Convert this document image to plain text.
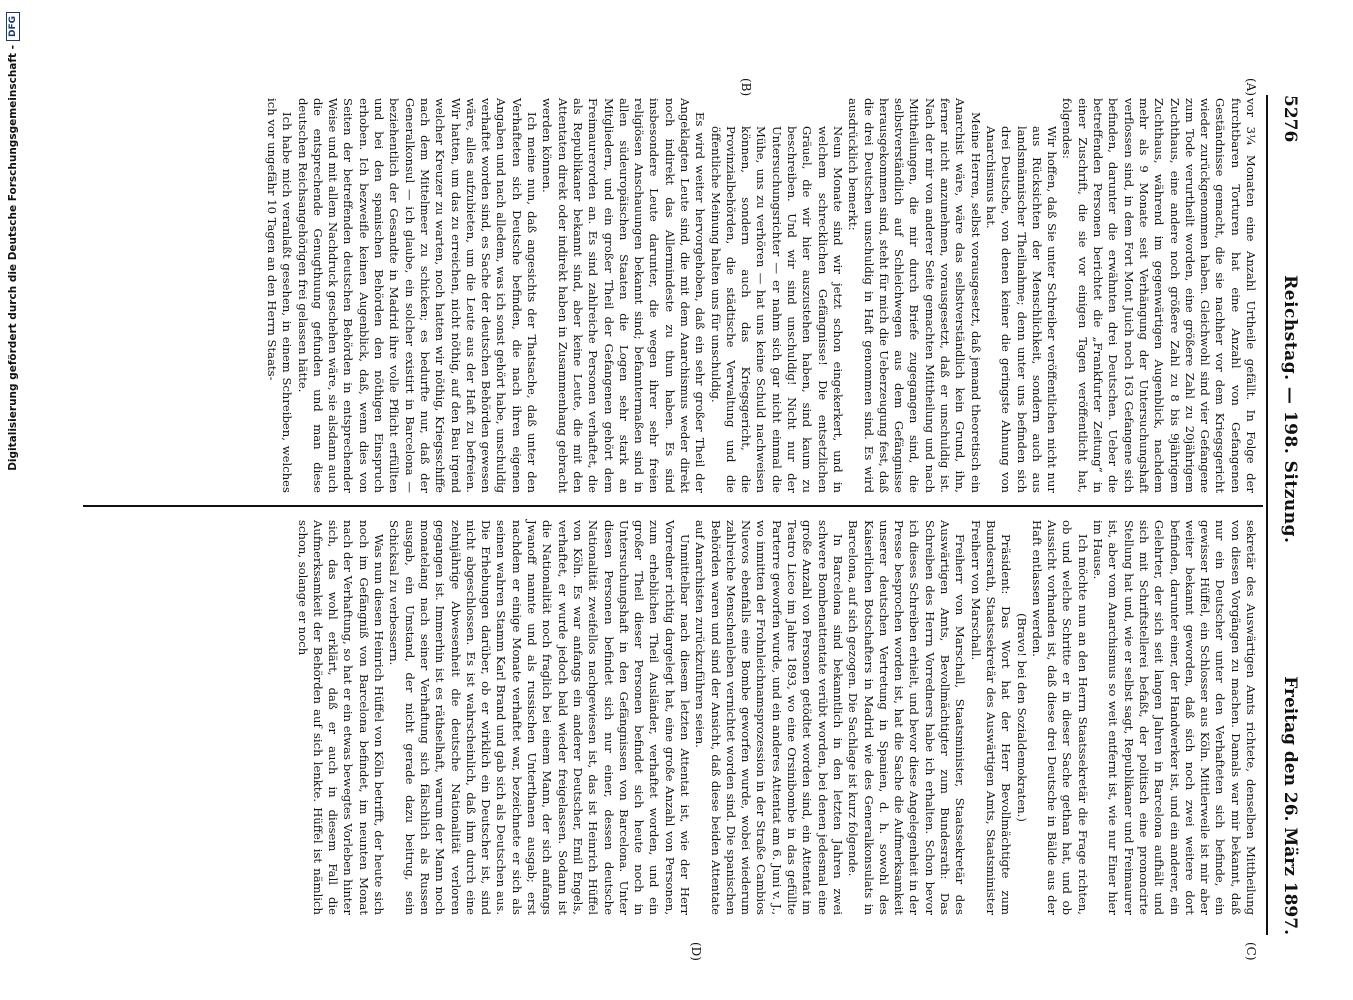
5276
Reichstag. — 198. Sitzung.
Freitag den 26. März 1897.
(A)
(B)
(C)
(D)

vor 3¼ Monaten eine Anzahl Urtheile gefällt. In Folge der furchtbaren Torturen hat eine Anzahl von Gefangenen Geständnisse gemacht, die sie nachher vor dem Kriegsgericht wieder zurückgenommen haben. Gleichwohl sind vier Gefangene zum Tode verurtheilt worden, eine größere Zahl zu 20jährigem Zuchthaus, eine andere noch größere Zahl zu 8 bis 9jährigem Zuchthaus, während im gegenwärtigen Augenblick, nachdem mehr als 9 Monate seit Verhängung der Untersuchungshaft verflossen sind, in dem Fort Mont Juich noch 163 Gefangene sich befinden, darunter die erwähnten drei Deutschen. Ueber die betreffenden Personen berichtet die „Frankfurter Zeitung“ in einer Zuschrift, die sie vor einigen Tagen veröffentlicht hat, folgendes:

Wir hoffen, daß Sie unter Schreiber veröffentlichen nicht nur aus Rücksichten der Menschlichkeit, sondern auch aus landsmännischer Theilnahme; denn unter uns befinden sich drei Deutsche, von denen keiner die geringste Ahnung von Anarchismus hat.

Meine Herren, selbst vorausgesetzt, daß jemand theoretisch ein Anarchist wäre, wäre das selbstverständlich kein Grund, ihn, ferner nicht anzunehmen, vorausgesetzt, daß er unschuldig ist. Nach der mir von anderer Seite gemachten Mittheilung und nach Mittheilungen, die mir durch Briefe zugegangen sind, die selbstverständlich auf Schleichwegen aus dem Gefängnisse herausgekommen sind, steht für mich die Ueberzeugung fest, daß die drei Deutschen unschuldig in Haft genommen sind. Es wird ausdrücklich bemerkt:

Neun Monate sind wir jetzt schon eingekerkert, und in welchem schrecklichen Gefängnisse! Die entsetzlichen Gräuel, die wir hier auszustehen haben, sind kaum zu beschreiben. Und wir sind unschuldig! Nicht nur der Untersuchungsrichter — er nahm sich gar nicht einmal die Mühe, uns zu verhören — hat uns keine Schuld nachweisen können, sondern auch das Kriegsgericht, die Provinzialbehörden, die städtische Verwaltung und die öffentliche Meinung halten uns für unschuldig.

Es wird weiter hervorgehoben, daß ein sehr großer Theil der Angeklagten Leute sind, die mit dem Anarchismus weder direkt noch indirekt das Allermindeste zu thun haben. Es sind insbesondere Leute darunter, die wegen ihrer sehr freien religiösen Anschauungen bekannt sind; befanntermaßen sind in allen südeuropäischen Staaten die Logen sehr stark an Mitgliedern, und ein großer Theil der Gefangenen gehört dem Freimaurerorden an. Es sind zahlreiche Personen verhaftet, die als Republikaner bekannt sind, aber keine Leute, die mit den Attentaten direkt oder indirekt haben in Zusammenhang gebracht werden können.

Ich meine nun, daß angesichts der Thatsache, daß unter den Verhafteten sich Deutsche befinden, die nach ihren eigenen Angaben und nach alledem, was ich sonst gehört habe, unschuldig verhaftet worden sind, es Sache der deutschen Behörden gewesen wäre, alles aufzubieten, um die Leute aus der Haft zu befreien. Wir hatten, um das zu erreichen, nicht nöthig, auf den Bau irgend welcher Kreuzer zu warten, noch hatten wir nöthig, Kriegsschiffe nach dem Mittelmeer zu schicken; es bedurfte nur, daß der Generalkonsul — ich glaube, ein solcher existirt in Barcelona — beziehentlich der Gesandte in Madrid ihre volle Pflicht erfüllten und bei den spanischen Behörden den nöthigen Einspruch erhoben. Ich bezweifle keinen Augenblick, daß, wenn dies von Seiten der betreffenden deutschen Behörden in entsprechender Weise und mit allem Nachdruck geschehen wäre, sie alsdann auch die entsprechende Genugthuung gefunden und man diese deutschen Reichsangehörigen frei gelassen hätte.

Ich habe mich veranlaßt gesehen, in einem Schreiben, welches ich vor ungefähr 10 Tagen an den Herrn Staats-

sekretär des Auswärtigen Amts richtete, denselben Mittheilung von diesen Vorgängen zu machen. Damals war mir bekannt, daß nur ein Deutscher unter den Verhafteten sich befinde, ein gewisser Hüffel, ein Schlosser aus Köln. Mittlerweile ist mir aber weiter bekannt geworden, daß sich noch zwei weitere dort befinden, darunter einer, der Handwerker ist, und ein anderer, ein Gelehrter, der sich seit langen Jahren in Barcelona aufhält und sich mit Schriftstellerei befaßt, der politisch eine prononcirte Stellung hat und, wie er selbst sagt, Republikaner und Freimaurer ist, aber vom Anarchismus so weit entfernt ist, wie nur Einer hier im Hause.

Ich möchte nun an den Herrn Staatssekretär die Frage richten, ob und welche Schritte er in dieser Sache gethan hat, und ob Aussicht vorhanden ist, daß diese drei Deutsche in Bälde aus der Haft entlassen werden.

(Bravo! bei den Sozialdemokraten.)

Präsident: Das Wort hat der Herr Bevollmächtigte zum Bundesrath, Staatssekretär des Auswärtigen Amts, Staatsminister Freiherr von Marschall.

Freiherr von Marschall, Staatsminister, Staatssekretär des Auswärtigen Amts, Bevollmächtigter zum Bundesrath: Das Schreiben des Herrn Vorredners habe ich erhalten. Schon bevor ich dieses Schreiben erhielt, und bevor diese Angelegenheit in der Presse besprochen worden ist, hat die Sache die Aufmerksamkeit unserer deutschen Vertretung in Spanien, d. h. sowohl des Kaiserlichen Botschafters in Madrid wie des Generalkonsulats in Barcelona, auf sich gezogen. Die Sachlage ist kurz folgende.

In Barcelona sind bekanntlich in den letzten Jahren zwei schwere Bombenattentate verübt worden, bei denen jedesmal eine große Anzahl von Personen getödtet worden sind, ein Attentat im Teatro Liceo im Jahre 1893, wo eine Orsinibombe in das gefüllte Parterre geworfen wurde, und ein anderes Attentat am 6. Juni v. J., wo inmitten der Frohnleichnamsprozession in der Straße Cambios Nuevos ebenfalls eine Bombe geworfen wurde, wobei wiederum zahlreiche Menschenleben vernichtet worden sind. Die spanischen Behörden waren und sind der Ansicht, daß diese beiden Attentate auf Anarchisten zurückzuführen seien.

Unmittelbar nach diesem letzten Attentat ist, wie der Herr Vorredner richtig dargelegt hat, eine große Anzahl von Personen, zum erheblichen Theil Ausländer, verhaftet worden, und ein großer Theil dieser Personen befindet sich heute noch in Untersuchungshaft in den Gefängnissen von Barcelona. Unter diesen Personen befindet sich nur einer, dessen deutsche Nationalität zweifellos nachgewiesen ist, das ist Heinrich Hüffel von Köln. Es war anfangs ein anderer Deutscher, Emil Engels, verhaftet, er wurde jedoch bald wieder freigelassen. Sodann ist die Nationalität noch fraglich bei einem Mann, der sich anfangs Jwanoff nannte und als russischen Unterthanen ausgab; erst nachdem er einige Monate verhaftet war, bezeichnete er sich als seinen wahren Stamm Karl Brand und gab sich als Deutschen aus. Die Erhebungen darüber, ob er wirklich ein Deutscher ist, sind nicht abgeschlossen. Es ist wahrscheinlich, daß ihm durch eine zehnjährige Abwesenheit die deutsche Nationalität verloren gegangen ist. Immerhin ist es räthselhaft, warum der Mann noch monatelang nach seiner Verhaftung sich fälschlich als Russen ausgab, ein Umstand, der nicht gerade dazu beitrug, sein Schicksal zu verbessern.

Was nun diesen Heinrich Hüffel von Köln betrifft, der heute sich noch im Gefängniß von Barcelona befindet, im neunten Monat nach der Verhaftung, so hat er ein etwas bewegtes Vorleben hinter sich, das wohl erklärt, daß er auch in diesem Fall die Aufmerksamkeit der Behörden auf sich lenkte. Hüffel ist nämlich schon, solange er noch

Digitalisierung gefördert durch die Deutsche Forschungsgemeinschaft -
DFG
